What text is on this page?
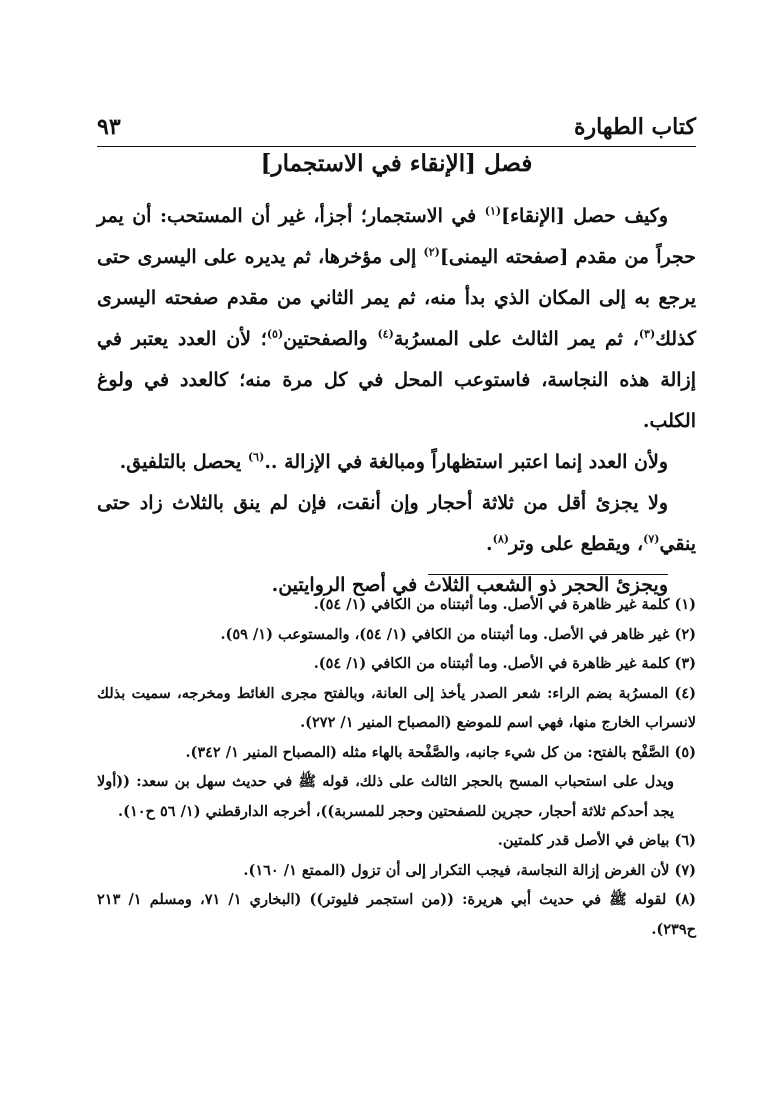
كتاب الطهارة
٩٣
فصل [الإنقاء في الاستجمار]

وكيف حصل [الإنقاء]$^{(١)}$ في الاستجمار؛ أجزأ، غير أن المستحب: أن يمر حجراً من مقدم [صفحته اليمنى]$^{(٢)}$ إلى مؤخرها، ثم يديره على اليسرى حتى يرجع به إلى المكان الذي بدأ منه، ثم يمر الثاني من مقدم صفحته اليسرى كذلك$^{(٣)}$، ثم يمر الثالث على المسرُبة$^{(٤)}$ والصفحتين$^{(٥)}$؛ لأن العدد يعتبر في إزالة هذه النجاسة، فاستوعب المحل في كل مرة منه؛ كالعدد في ولوغ الكلب.

ولأن العدد إنما اعتبر استظهاراً ومبالغة في الإزالة ..$^{(٦)}$ يحصل بالتلفيق.

ولا يجزئ أقل من ثلاثة أحجار وإن أنقت، فإن لم ينق بالثلاث زاد حتى ينقي$^{(٧)}$، ويقطع على وتر$^{(٨)}$.

ويجزئ الحجر ذو الشعب الثلاث في أصح الروايتين.

(١) كلمة غير ظاهرة في الأصل. وما أثبتناه من الكافي (١/ ٥٤).

(٢) غير ظاهر في الأصل. وما أثبتناه من الكافي (١/ ٥٤)، والمستوعب (١/ ٥٩).

(٣) كلمة غير ظاهرة في الأصل. وما أثبتناه من الكافي (١/ ٥٤).

(٤) المسرُبة بضم الراء: شعر الصدر يأخذ إلى العانة، وبالفتح مجرى الغائط ومخرجه، سميت بذلك لانسراب الخارج منها، فهي اسم للموضع (المصباح المنير ١/ ٢٧٢).

(٥) الصَّفْح بالفتح: من كل شيء جانبه، والصَّفْحة بالهاء مثله (المصباح المنير ١/ ٣٤٢).

ويدل على استحباب المسح بالحجر الثالث على ذلك، قوله ﷺ في حديث سهل بن سعد: ((أولا يجد أحدكم ثلاثة أحجار، حجرين للصفحتين وحجر للمسربة))، أخرجه الدارقطني (١/ ٥٦ ح١٠).

(٦) بياض في الأصل قدر كلمتين.

(٧) لأن الغرض إزالة النجاسة، فيجب التكرار إلى أن تزول (الممتع ١/ ١٦٠).

(٨) لقوله ﷺ في حديث أبي هريرة: ((من استجمر فليوتر)) (البخاري ١/ ٧١، ومسلم ١/ ٢١٣ ح٢٣٩).
